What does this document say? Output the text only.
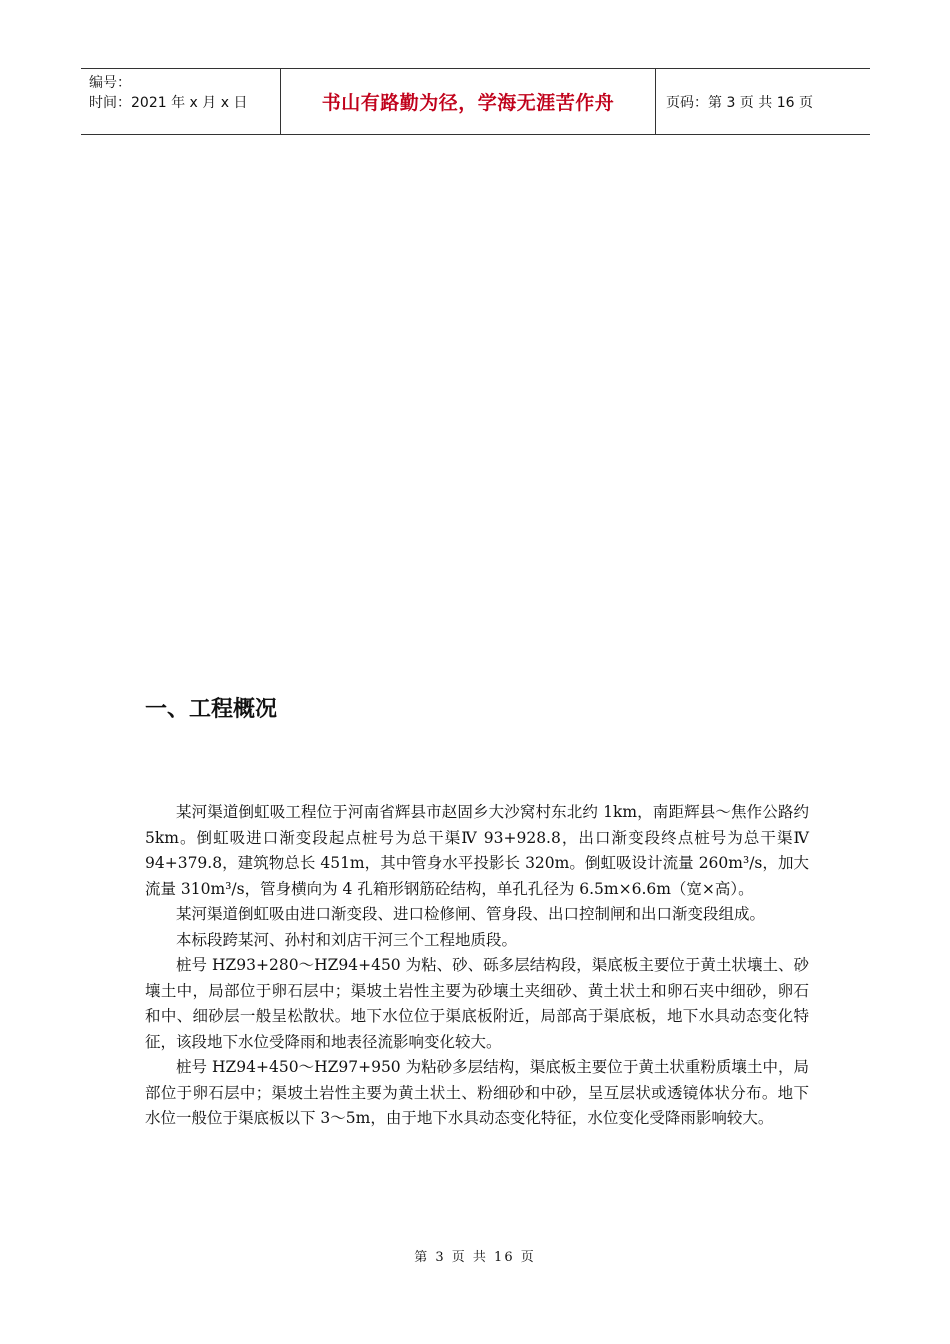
编号：
时间：2021 年 x 月 x 日	书山有路勤为径，学海无涯苦作舟	页码：第 3 页 共 16 页
一、工程概况

某河渠道倒虹吸工程位于河南省辉县市赵固乡大沙窝村东北约 1km，南距辉县～焦作公路约 5km。倒虹吸进口渐变段起点桩号为总干渠Ⅳ 93+928.8，出口渐变段终点桩号为总干渠Ⅳ 94+379.8，建筑物总长 451m，其中管身水平投影长 320m。倒虹吸设计流量 260m³/s，加大流量 310m³/s，管身横向为 4 孔箱形钢筋砼结构，单孔孔径为 6.5m×6.6m（宽×高）。

某河渠道倒虹吸由进口渐变段、进口检修闸、管身段、出口控制闸和出口渐变段组成。

本标段跨某河、孙村和刘店干河三个工程地质段。

桩号 HZ93+280～HZ94+450 为粘、砂、砾多层结构段，渠底板主要位于黄土状壤土、砂壤土中，局部位于卵石层中；渠坡土岩性主要为砂壤土夹细砂、黄土状土和卵石夹中细砂，卵石和中、细砂层一般呈松散状。地下水位位于渠底板附近，局部高于渠底板，地下水具动态变化特征，该段地下水位受降雨和地表径流影响变化较大。

桩号 HZ94+450～HZ97+950 为粘砂多层结构，渠底板主要位于黄土状重粉质壤土中，局部位于卵石层中；渠坡土岩性主要为黄土状土、粉细砂和中砂，呈互层状或透镜体状分布。地下水位一般位于渠底板以下 3～5m，由于地下水具动态变化特征，水位变化受降雨影响较大。

第 3 页 共 16 页
